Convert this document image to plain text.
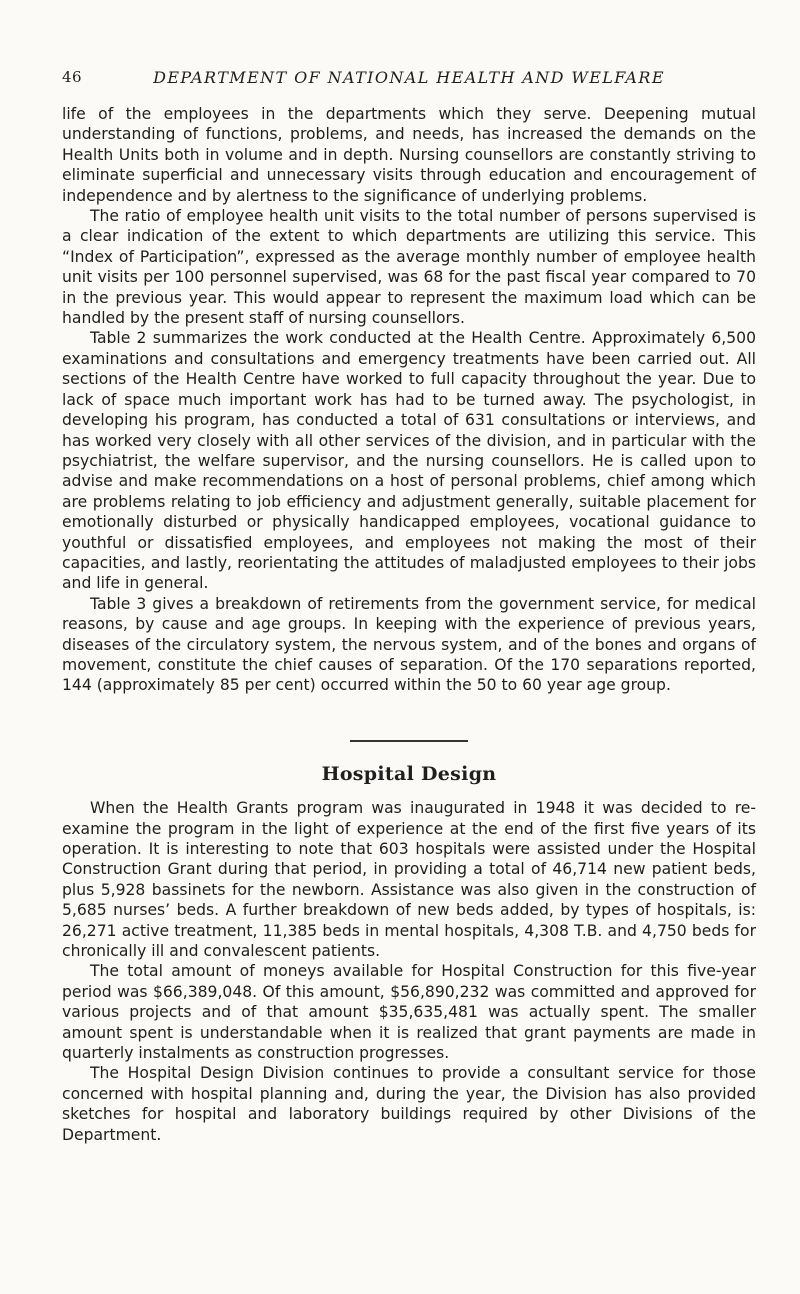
46	DEPARTMENT OF NATIONAL HEALTH AND WELFARE

life of the employees in the departments which they serve. Deepening mutual understanding of functions, problems, and needs, has increased the demands on the Health Units both in volume and in depth. Nursing counsellors are constantly striving to eliminate superficial and unnecessary visits through education and encouragement of independence and by alertness to the significance of underlying problems.

The ratio of employee health unit visits to the total number of persons supervised is a clear indication of the extent to which departments are utilizing this service. This “Index of Participation”, expressed as the average monthly number of employee health unit visits per 100 personnel supervised, was 68 for the past fiscal year compared to 70 in the previous year. This would appear to represent the maximum load which can be handled by the present staff of nursing counsellors.

Table 2 summarizes the work conducted at the Health Centre. Approximately 6,500 examinations and consultations and emergency treatments have been carried out. All sections of the Health Centre have worked to full capacity throughout the year. Due to lack of space much important work has had to be turned away. The psychologist, in developing his program, has conducted a total of 631 consultations or interviews, and has worked very closely with all other services of the division, and in particular with the psychiatrist, the welfare supervisor, and the nursing counsellors. He is called upon to advise and make recommendations on a host of personal problems, chief among which are problems relating to job efficiency and adjustment generally, suitable placement for emotionally disturbed or physically handicapped employees, vocational guidance to youthful or dissatisfied employees, and employees not making the most of their capacities, and lastly, reorientating the attitudes of maladjusted employees to their jobs and life in general.

Table 3 gives a breakdown of retirements from the government service, for medical reasons, by cause and age groups. In keeping with the experience of previous years, diseases of the circulatory system, the nervous system, and of the bones and organs of movement, constitute the chief causes of separation. Of the 170 separations reported, 144 (approximately 85 per cent) occurred within the 50 to 60 year age group.

Hospital Design

When the Health Grants program was inaugurated in 1948 it was decided to re-examine the program in the light of experience at the end of the first five years of its operation. It is interesting to note that 603 hospitals were assisted under the Hospital Construction Grant during that period, in providing a total of 46,714 new patient beds, plus 5,928 bassinets for the newborn. Assistance was also given in the construction of 5,685 nurses’ beds. A further breakdown of new beds added, by types of hospitals, is: 26,271 active treatment, 11,385 beds in mental hospitals, 4,308 T.B. and 4,750 beds for chronically ill and convalescent patients.

The total amount of moneys available for Hospital Construction for this five-year period was $66,389,048. Of this amount, $56,890,232 was committed and approved for various projects and of that amount $35,635,481 was actually spent. The smaller amount spent is understandable when it is realized that grant payments are made in quarterly instalments as construction progresses.

The Hospital Design Division continues to provide a consultant service for those concerned with hospital planning and, during the year, the Division has also provided sketches for hospital and laboratory buildings required by other Divisions of the Department.
